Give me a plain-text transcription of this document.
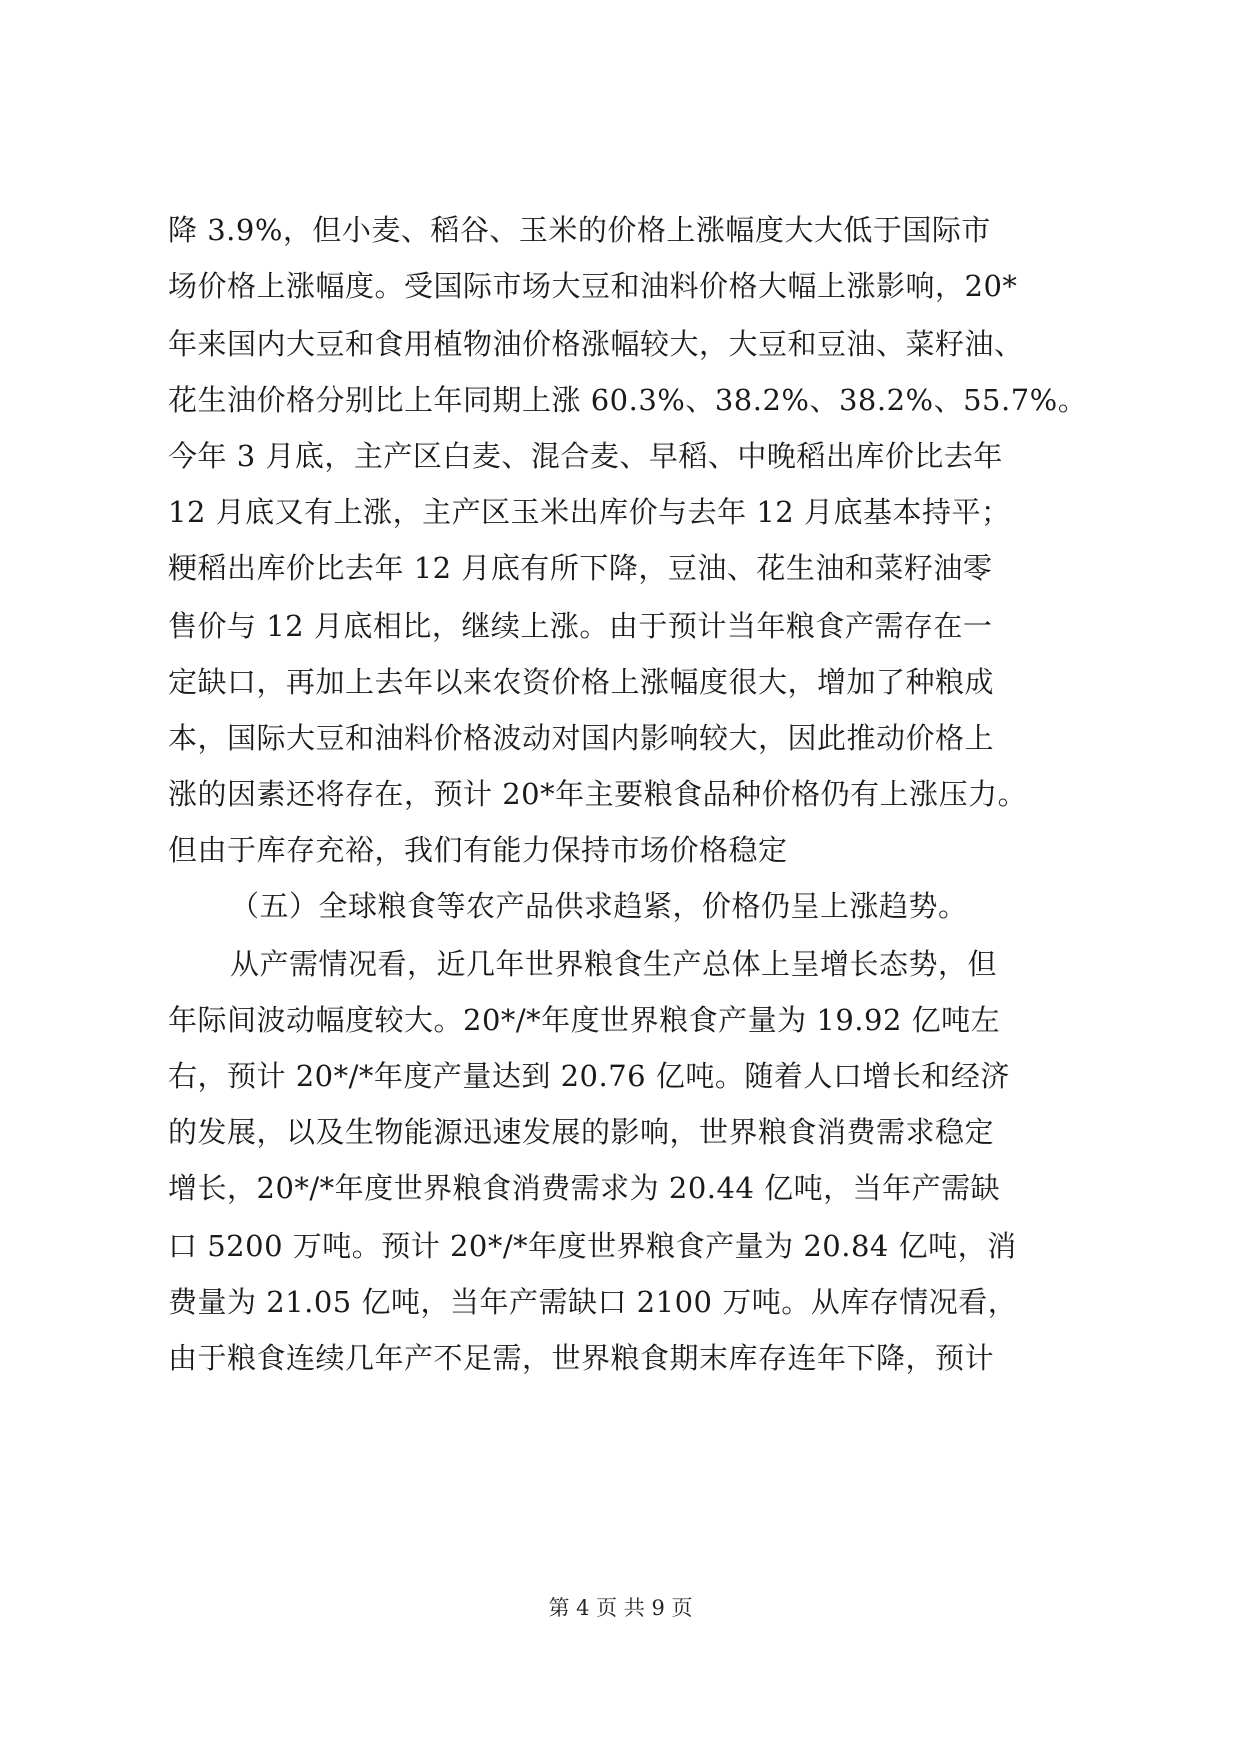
降 3.9%，但小麦、稻谷、玉米的价格上涨幅度大大低于国际市
场价格上涨幅度。受国际市场大豆和油料价格大幅上涨影响，20*
年来国内大豆和食用植物油价格涨幅较大，大豆和豆油、菜籽油、
花生油价格分别比上年同期上涨 60.3%、38.2%、38.2%、55.7%。
今年 3 月底，主产区白麦、混合麦、早稻、中晚稻出库价比去年
12 月底又有上涨，主产区玉米出库价与去年 12 月底基本持平；
粳稻出库价比去年 12 月底有所下降，豆油、花生油和菜籽油零
售价与 12 月底相比，继续上涨。由于预计当年粮食产需存在一
定缺口，再加上去年以来农资价格上涨幅度很大，增加了种粮成
本，国际大豆和油料价格波动对国内影响较大，因此推动价格上
涨的因素还将存在，预计 20*年主要粮食品种价格仍有上涨压力。
但由于库存充裕，我们有能力保持市场价格稳定
（五）全球粮食等农产品供求趋紧，价格仍呈上涨趋势。
从产需情况看，近几年世界粮食生产总体上呈增长态势，但
年际间波动幅度较大。20*/*年度世界粮食产量为 19.92 亿吨左
右，预计 20*/*年度产量达到 20.76 亿吨。随着人口增长和经济
的发展，以及生物能源迅速发展的影响，世界粮食消费需求稳定
增长，20*/*年度世界粮食消费需求为 20.44 亿吨，当年产需缺
口 5200 万吨。预计 20*/*年度世界粮食产量为 20.84 亿吨，消
费量为 21.05 亿吨，当年产需缺口 2100 万吨。从库存情况看，
由于粮食连续几年产不足需，世界粮食期末库存连年下降，预计
第 4 页 共 9 页
